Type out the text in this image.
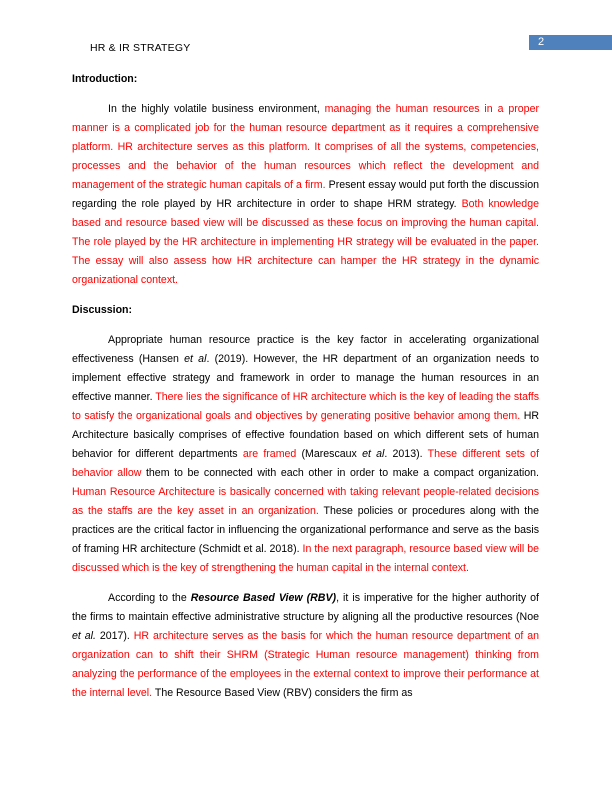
HR & IR STRATEGY	2

Introduction:

In the highly volatile business environment, managing the human resources in a proper manner is a complicated job for the human resource department as it requires a comprehensive platform. HR architecture serves as this platform. It comprises of all the systems, competencies, processes and the behavior of the human resources which reflect the development and management of the strategic human capitals of a firm. Present essay would put forth the discussion regarding the role played by HR architecture in order to shape HRM strategy. Both knowledge based and resource based view will be discussed as these focus on improving the human capital. The role played by the HR architecture in implementing HR strategy will be evaluated in the paper. The essay will also assess how HR architecture can hamper the HR strategy in the dynamic organizational context.

Discussion:

Appropriate human resource practice is the key factor in accelerating organizational effectiveness (Hansen et al. (2019). However, the HR department of an organization needs to implement effective strategy and framework in order to manage the human resources in an effective manner. There lies the significance of HR architecture which is the key of leading the staffs to satisfy the organizational goals and objectives by generating positive behavior among them. HR Architecture basically comprises of effective foundation based on which different sets of human behavior for different departments are framed (Marescaux et al. 2013). These different sets of behavior allow them to be connected with each other in order to make a compact organization. Human Resource Architecture is basically concerned with taking relevant people-related decisions as the staffs are the key asset in an organization. These policies or procedures along with the practices are the critical factor in influencing the organizational performance and serve as the basis of framing HR architecture (Schmidt et al. 2018). In the next paragraph, resource based view will be discussed which is the key of strengthening the human capital in the internal context.

According to the Resource Based View (RBV), it is imperative for the higher authority of the firms to maintain effective administrative structure by aligning all the productive resources (Noe et al. 2017). HR architecture serves as the basis for which the human resource department of an organization can to shift their SHRM (Strategic Human resource management) thinking from analyzing the performance of the employees in the external context to improve their performance at the internal level. The Resource Based View (RBV) considers the firm as
